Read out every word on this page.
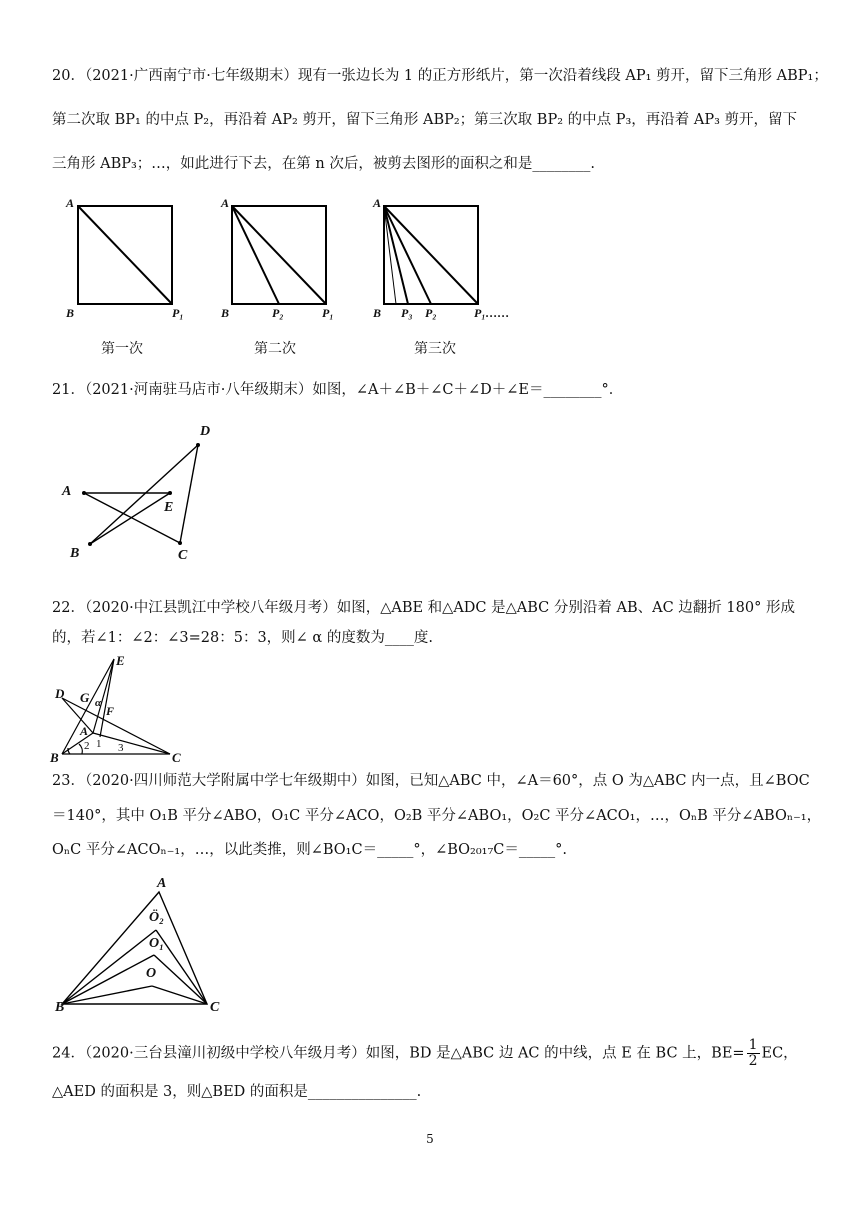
20．（2021·广西南宁市·七年级期末）现有一张边长为 1 的正方形纸片，第一次沿着线段 AP₁ 剪开，留下三角形 ABP₁；
第二次取 BP₁ 的中点 P₂，再沿着 AP₂ 剪开，留下三角形 ABP₂；第三次取 BP₂ 的中点 P₃，再沿着 AP₃ 剪开，留下
三角形 ABP₃；…，如此进行下去，在第 n 次后，被剪去图形的面积之和是________.
A
B	P₁
A
B	P₂	P₁
A
B P₃ P₂	P₁……
第一次	第二次	第三次
21．（2021·河南驻马店市·八年级期末）如图，∠A＋∠B＋∠C＋∠D＋∠E＝________°．
A
B	C
D
E
22．（2020·中江县凯江中学校八年级月考）如图，△ABE 和△ADC 是△ABC 分别沿着 AB、AC 边翻折 180° 形成
的，若∠1：∠2：∠3=28：5：3，则∠ α 的度数为____度.
E
D G α
F
A
B	C
2 1 3
23．（2020·四川师范大学附属中学七年级期中）如图，已知△ABC 中，∠A＝60°，点 O 为△ABC 内一点，且∠BOC
＝140°，其中 O₁B 平分∠ABO，O₁C 平分∠ACO，O₂B 平分∠ABO₁，O₂C 平分∠ACO₁，…，OₙB 平分∠ABOₙ₋₁，
OₙC 平分∠ACOₙ₋₁，…，以此类推，则∠BO₁C＝_____°，∠BO₂₀₁₇C＝_____°.
A
Ö₂
O₁
O
B	C
24．（2020·三台县潼川初级中学校八年级月考）如图，BD 是△ABC 边 AC 的中线，点 E 在 BC 上，$BE= \frac{1}{2}$ EC，
△AED 的面积是 3，则△BED 的面积是_______________.
5
